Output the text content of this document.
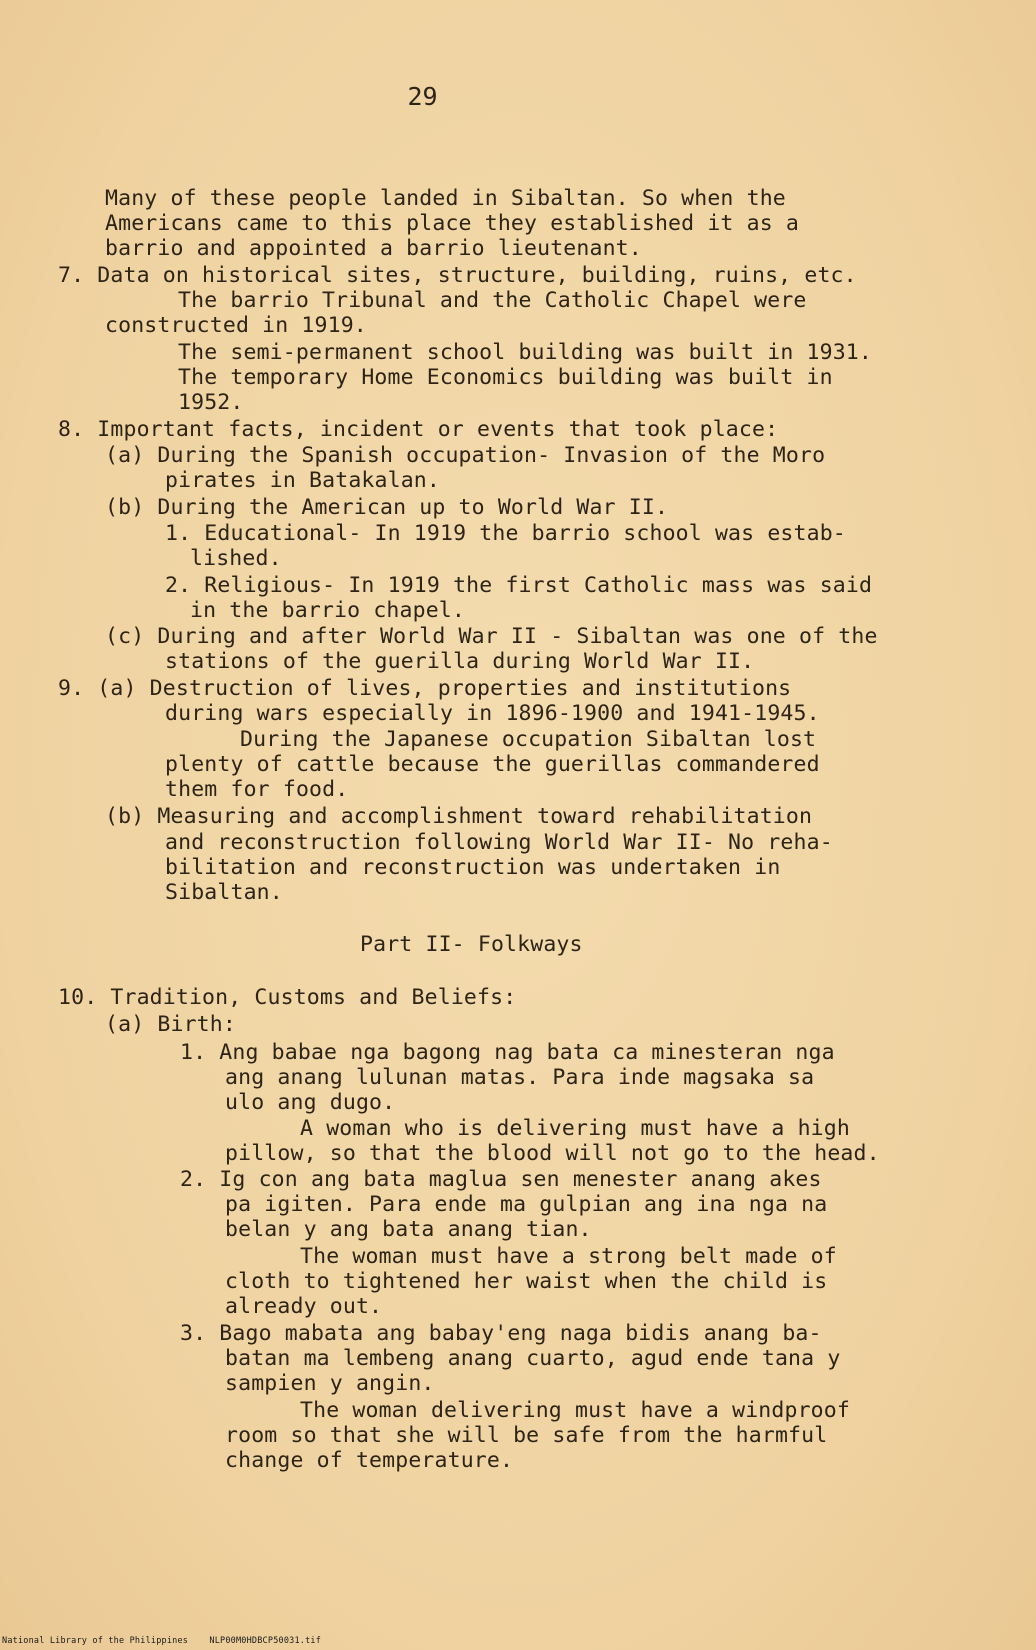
29
Many of these people landed in Sibaltan. So when the
Americans came to this place they established it as a
barrio and appointed a barrio lieutenant.
7. Data on historical sites, structure, building, ruins, etc.
The barrio Tribunal and the Catholic Chapel were
constructed in 1919.
The semi-permanent school building was built in 1931.
The temporary Home Economics building was built in
1952.
8. Important facts, incident or events that took place:
(a) During the Spanish occupation- Invasion of the Moro
pirates in Batakalan.
(b) During the American up to World War II.
1. Educational- In 1919 the barrio school was estab-
lished.
2. Religious- In 1919 the first Catholic mass was said
in the barrio chapel.
(c) During and after World War II - Sibaltan was one of the
stations of the guerilla during World War II.
9. (a) Destruction of lives, properties and institutions
during wars especially in 1896-1900 and 1941-1945.
During the Japanese occupation Sibaltan lost
plenty of cattle because the guerillas commandered
them for food.
(b) Measuring and accomplishment toward rehabilitation
and reconstruction following World War II- No reha-
bilitation and reconstruction was undertaken in
Sibaltan.
Part II- Folkways
10. Tradition, Customs and Beliefs:
(a) Birth:
1. Ang babae nga bagong nag bata ca minesteran nga
ang anang lulunan matas. Para inde magsaka sa
ulo ang dugo.
A woman who is delivering must have a high
pillow, so that the blood will not go to the head.
2. Ig con ang bata maglua sen menester anang akes
pa igiten. Para ende ma gulpian ang ina nga na
belan y ang bata anang tian.
The woman must have a strong belt made of
cloth to tightened her waist when the child is
already out.
3. Bago mabata ang babay'eng naga bidis anang ba-
batan ma lembeng anang cuarto, agud ende tana y
sampien y angin.
The woman delivering must have a windproof
room so that she will be safe from the harmful
change of temperature.
National Library of the Philippines    NLP00M0HDBCP50031.tif
